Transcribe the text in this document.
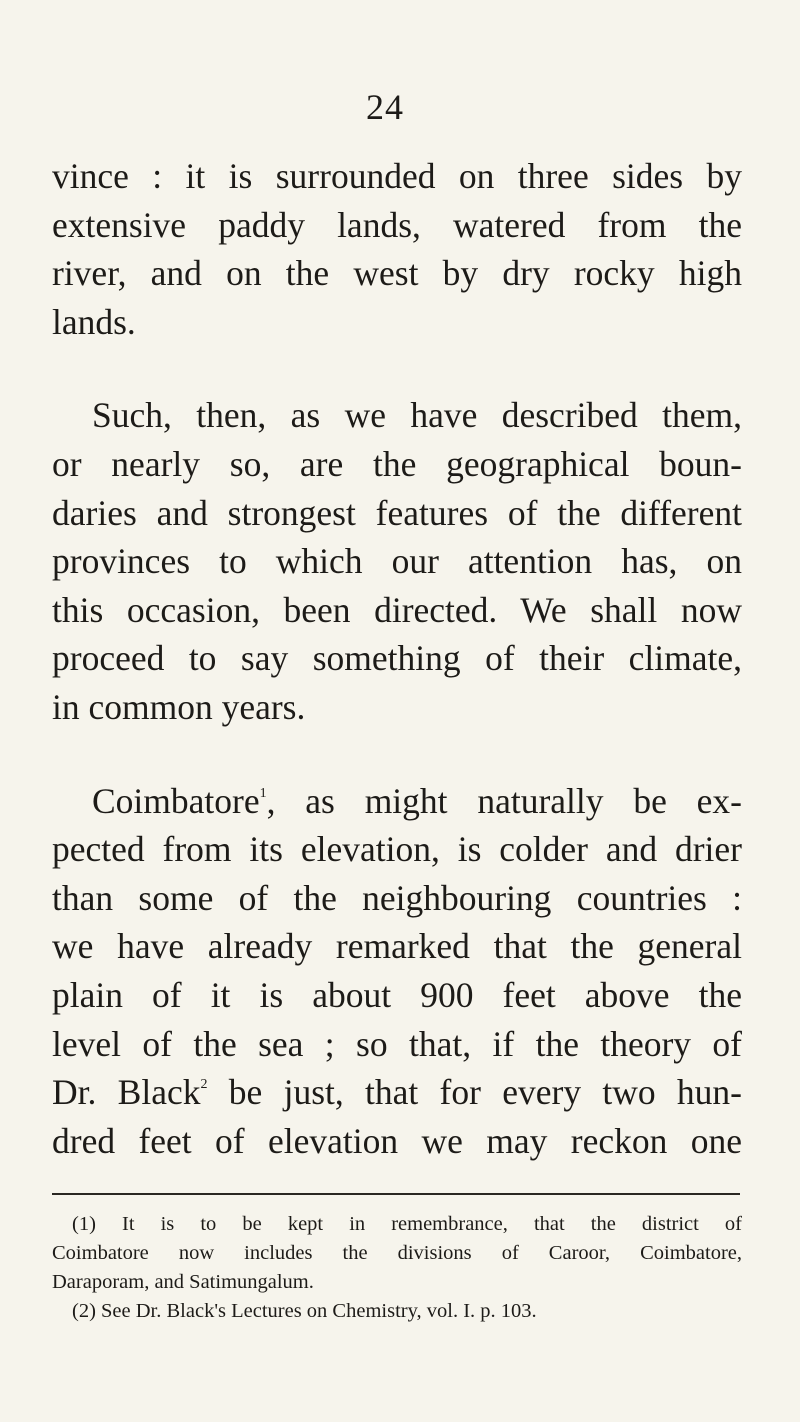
24
vince : it is surrounded on three sides by
extensive paddy lands, watered from the
river, and on the west by dry rocky high
lands.
Such, then, as we have described them,
or nearly so, are the geographical boun-
daries and strongest features of the different
provinces to which our attention has, on
this occasion, been directed. We shall now
proceed to say something of their climate,
in common years.
Coimbatore$^1$, as might naturally be ex-
pected from its elevation, is colder and drier
than some of the neighbouring countries :
we have already remarked that the general
plain of it is about 900 feet above the
level of the sea ; so that, if the theory of
Dr. Black$^2$ be just, that for every two hun-
dred feet of elevation we may reckon one
(1) It is to be kept in remembrance, that the district of
Coimbatore now includes the divisions of Caroor, Coimbatore,
Daraporam, and Satimungalum.
(2) See Dr. Black's Lectures on Chemistry, vol. I. p. 103.
